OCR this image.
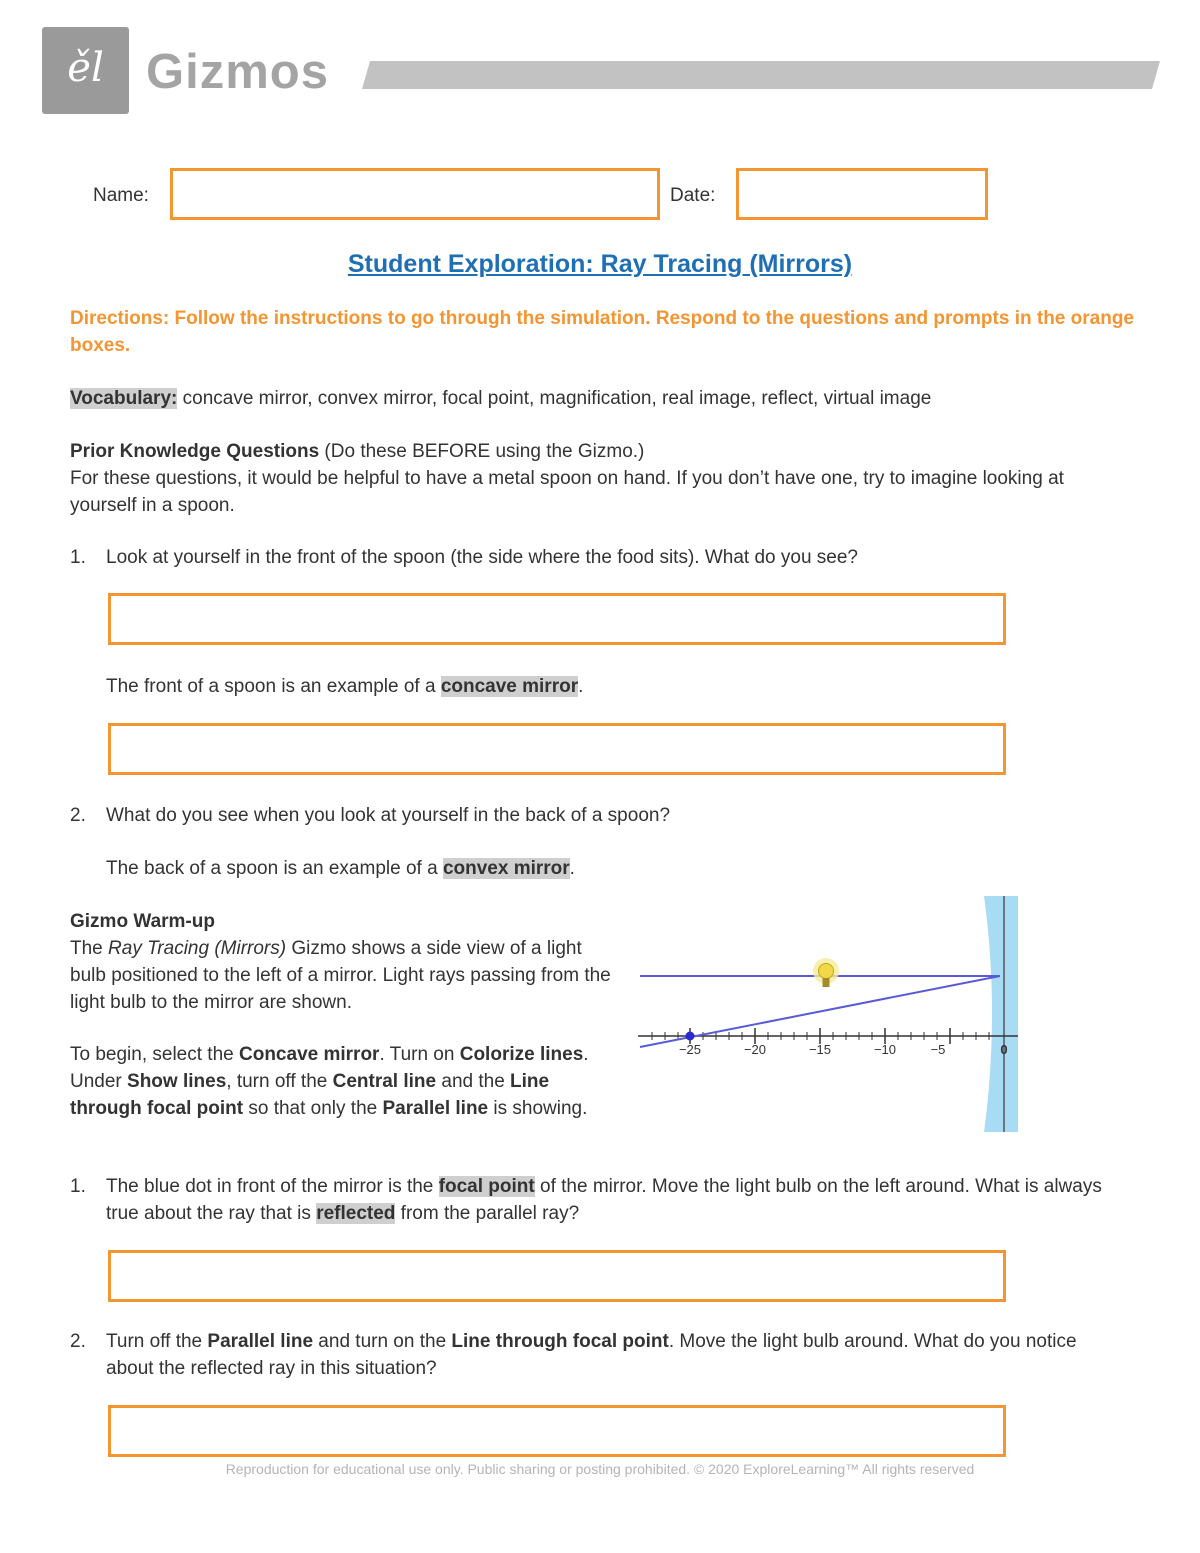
ěl Gizmos
Name:	Date:
Student Exploration: Ray Tracing (Mirrors)
Directions: Follow the instructions to go through the simulation. Respond to the questions and prompts in the orange boxes.
Vocabulary: concave mirror, convex mirror, focal point, magnification, real image, reflect, virtual image
Prior Knowledge Questions (Do these BEFORE using the Gizmo.)
For these questions, it would be helpful to have a metal spoon on hand. If you don’t have one, try to imagine looking at yourself in a spoon.
1. Look at yourself in the front of the spoon (the side where the food sits). What do you see?
The front of a spoon is an example of a concave mirror.
2. What do you see when you look at yourself in the back of a spoon?
The back of a spoon is an example of a convex mirror.
Gizmo Warm-up
The Ray Tracing (Mirrors) Gizmo shows a side view of a light bulb positioned to the left of a mirror. Light rays passing from the light bulb to the mirror are shown.
To begin, select the Concave mirror. Turn on Colorize lines. Under Show lines, turn off the Central line and the Line through focal point so that only the Parallel line is showing.
−25	−20	−15	−10	−5	0
1. The blue dot in front of the mirror is the focal point of the mirror. Move the light bulb on the left around. What is always true about the ray that is reflected from the parallel ray?
2. Turn off the Parallel line and turn on the Line through focal point. Move the light bulb around. What do you notice about the reflected ray in this situation?
Reproduction for educational use only. Public sharing or posting prohibited. © 2020 ExploreLearning™ All rights reserved
